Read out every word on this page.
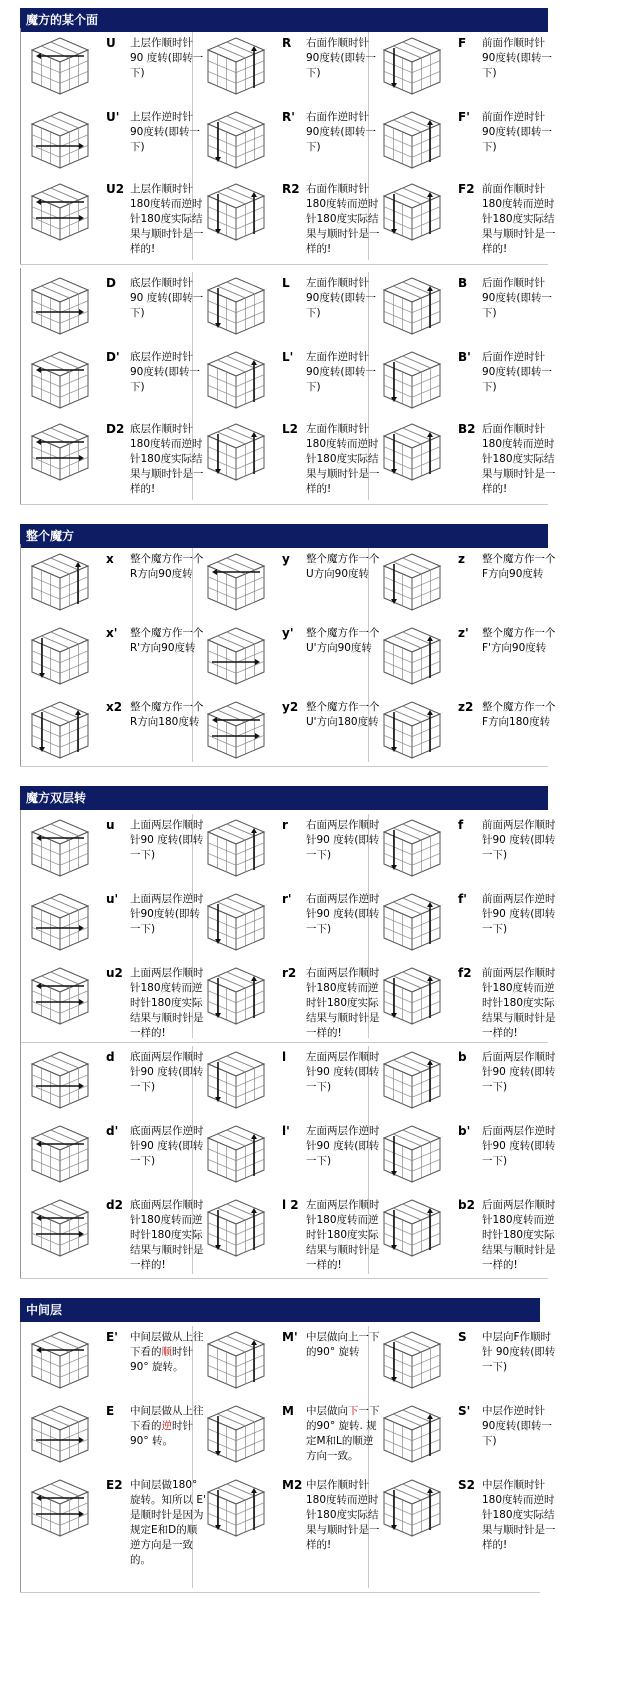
魔方的某个面
U 上层作顺时针90 度转(即转一下)
R 右面作顺时针90度转(即转一下)
F 前面作顺时针90度转(即转一下)
U' 上层作逆时针90度转(即转一下)
R' 右面作逆时针90度转(即转一下)
F' 前面作逆时针90度转(即转一下)
U2 上层作顺时针180度转而逆时针180度实际结果与顺时针是一样的!
R2 右面作顺时针180度转而逆时针180度实际结果与顺时针是一样的!
F2 前面作顺时针180度转而逆时针180度实际结果与顺时针是一样的!
D 底层作顺时针90 度转(即转一下)
L 左面作顺时针90度转(即转一下)
B 后面作顺时针90度转(即转一下)
D' 底层作逆时针90度转(即转一下)
L' 左面作逆时针90度转(即转一下)
B' 后面作逆时针90度转(即转一下)
D2 底层作顺时针180度转而逆时针180度实际结果与顺时针是一样的!
L2 左面作顺时针180度转而逆时针180度实际结果与顺时针是一样的!
B2 后面作顺时针180度转而逆时针180度实际结果与顺时针是一样的!
整个魔方
x 整个魔方作一个R方向90度转
y 整个魔方作一个U方向90度转
z 整个魔方作一个F方向90度转
x' 整个魔方作一个R'方向90度转
y' 整个魔方作一个U'方向90度转
z' 整个魔方作一个F'方向90度转
x2 整个魔方作一个R方向180度转
y2 整个魔方作一个U'方向180度转
z2 整个魔方作一个F方向180度转
魔方双层转
u 上面两层作顺时针90 度转(即转一下)
r 右面两层作顺时针90 度转(即转一下)
f 前面两层作顺时针90 度转(即转一下)
u' 上面两层作逆时针90度转(即转一下)
r' 右面两层作逆时针90 度转(即转一下)
f' 前面两层作逆时针90 度转(即转一下)
u2 上面两层作顺时针180度转而逆时针180度实际结果与顺时针是一样的!
r2 右面两层作顺时针180度转而逆时针180度实际结果与顺时针是一样的!
f2 前面两层作顺时针180度转而逆时针180度实际结果与顺时针是一样的!
d 底面两层作顺时针90 度转(即转一下)
l 左面两层作顺时针90 度转(即转一下)
b 后面两层作顺时针90 度转(即转一下)
d' 底面两层作逆时针90 度转(即转一下)
l' 左面两层作逆时针90 度转(即转一下)
b' 后面两层作逆时针90 度转(即转一下)
d2 底面两层作顺时针180度转而逆时针180度实际结果与顺时针是一样的!
l 2 左面两层作顺时针180度转而逆时针180度实际结果与顺时针是一样的!
b2 后面两层作顺时针180度转而逆时针180度实际结果与顺时针是一样的!
中间层
E' 中间层做从上往下看的顺时针90° 旋转。
M' 中层做向上一下的90° 旋转
S 中层向F作顺时针 90度转(即转一下)
E 中间层做从上往下看的逆时针90° 转。
M 中层做向下一下的90° 旋转. 规定M和L的顺逆方向一致。
S' 中层作逆时针90度转(即转一下)
E2 中间层做180° 旋转。知所以 E' 是顺时针是因为规定E和D的顺逆方向是一致的。
M2 中层作顺时针180度转而逆时针180度实际结果与顺时针是一样的!
S2 中层作顺时针180度转而逆时针180度实际结果与顺时针是一样的!
